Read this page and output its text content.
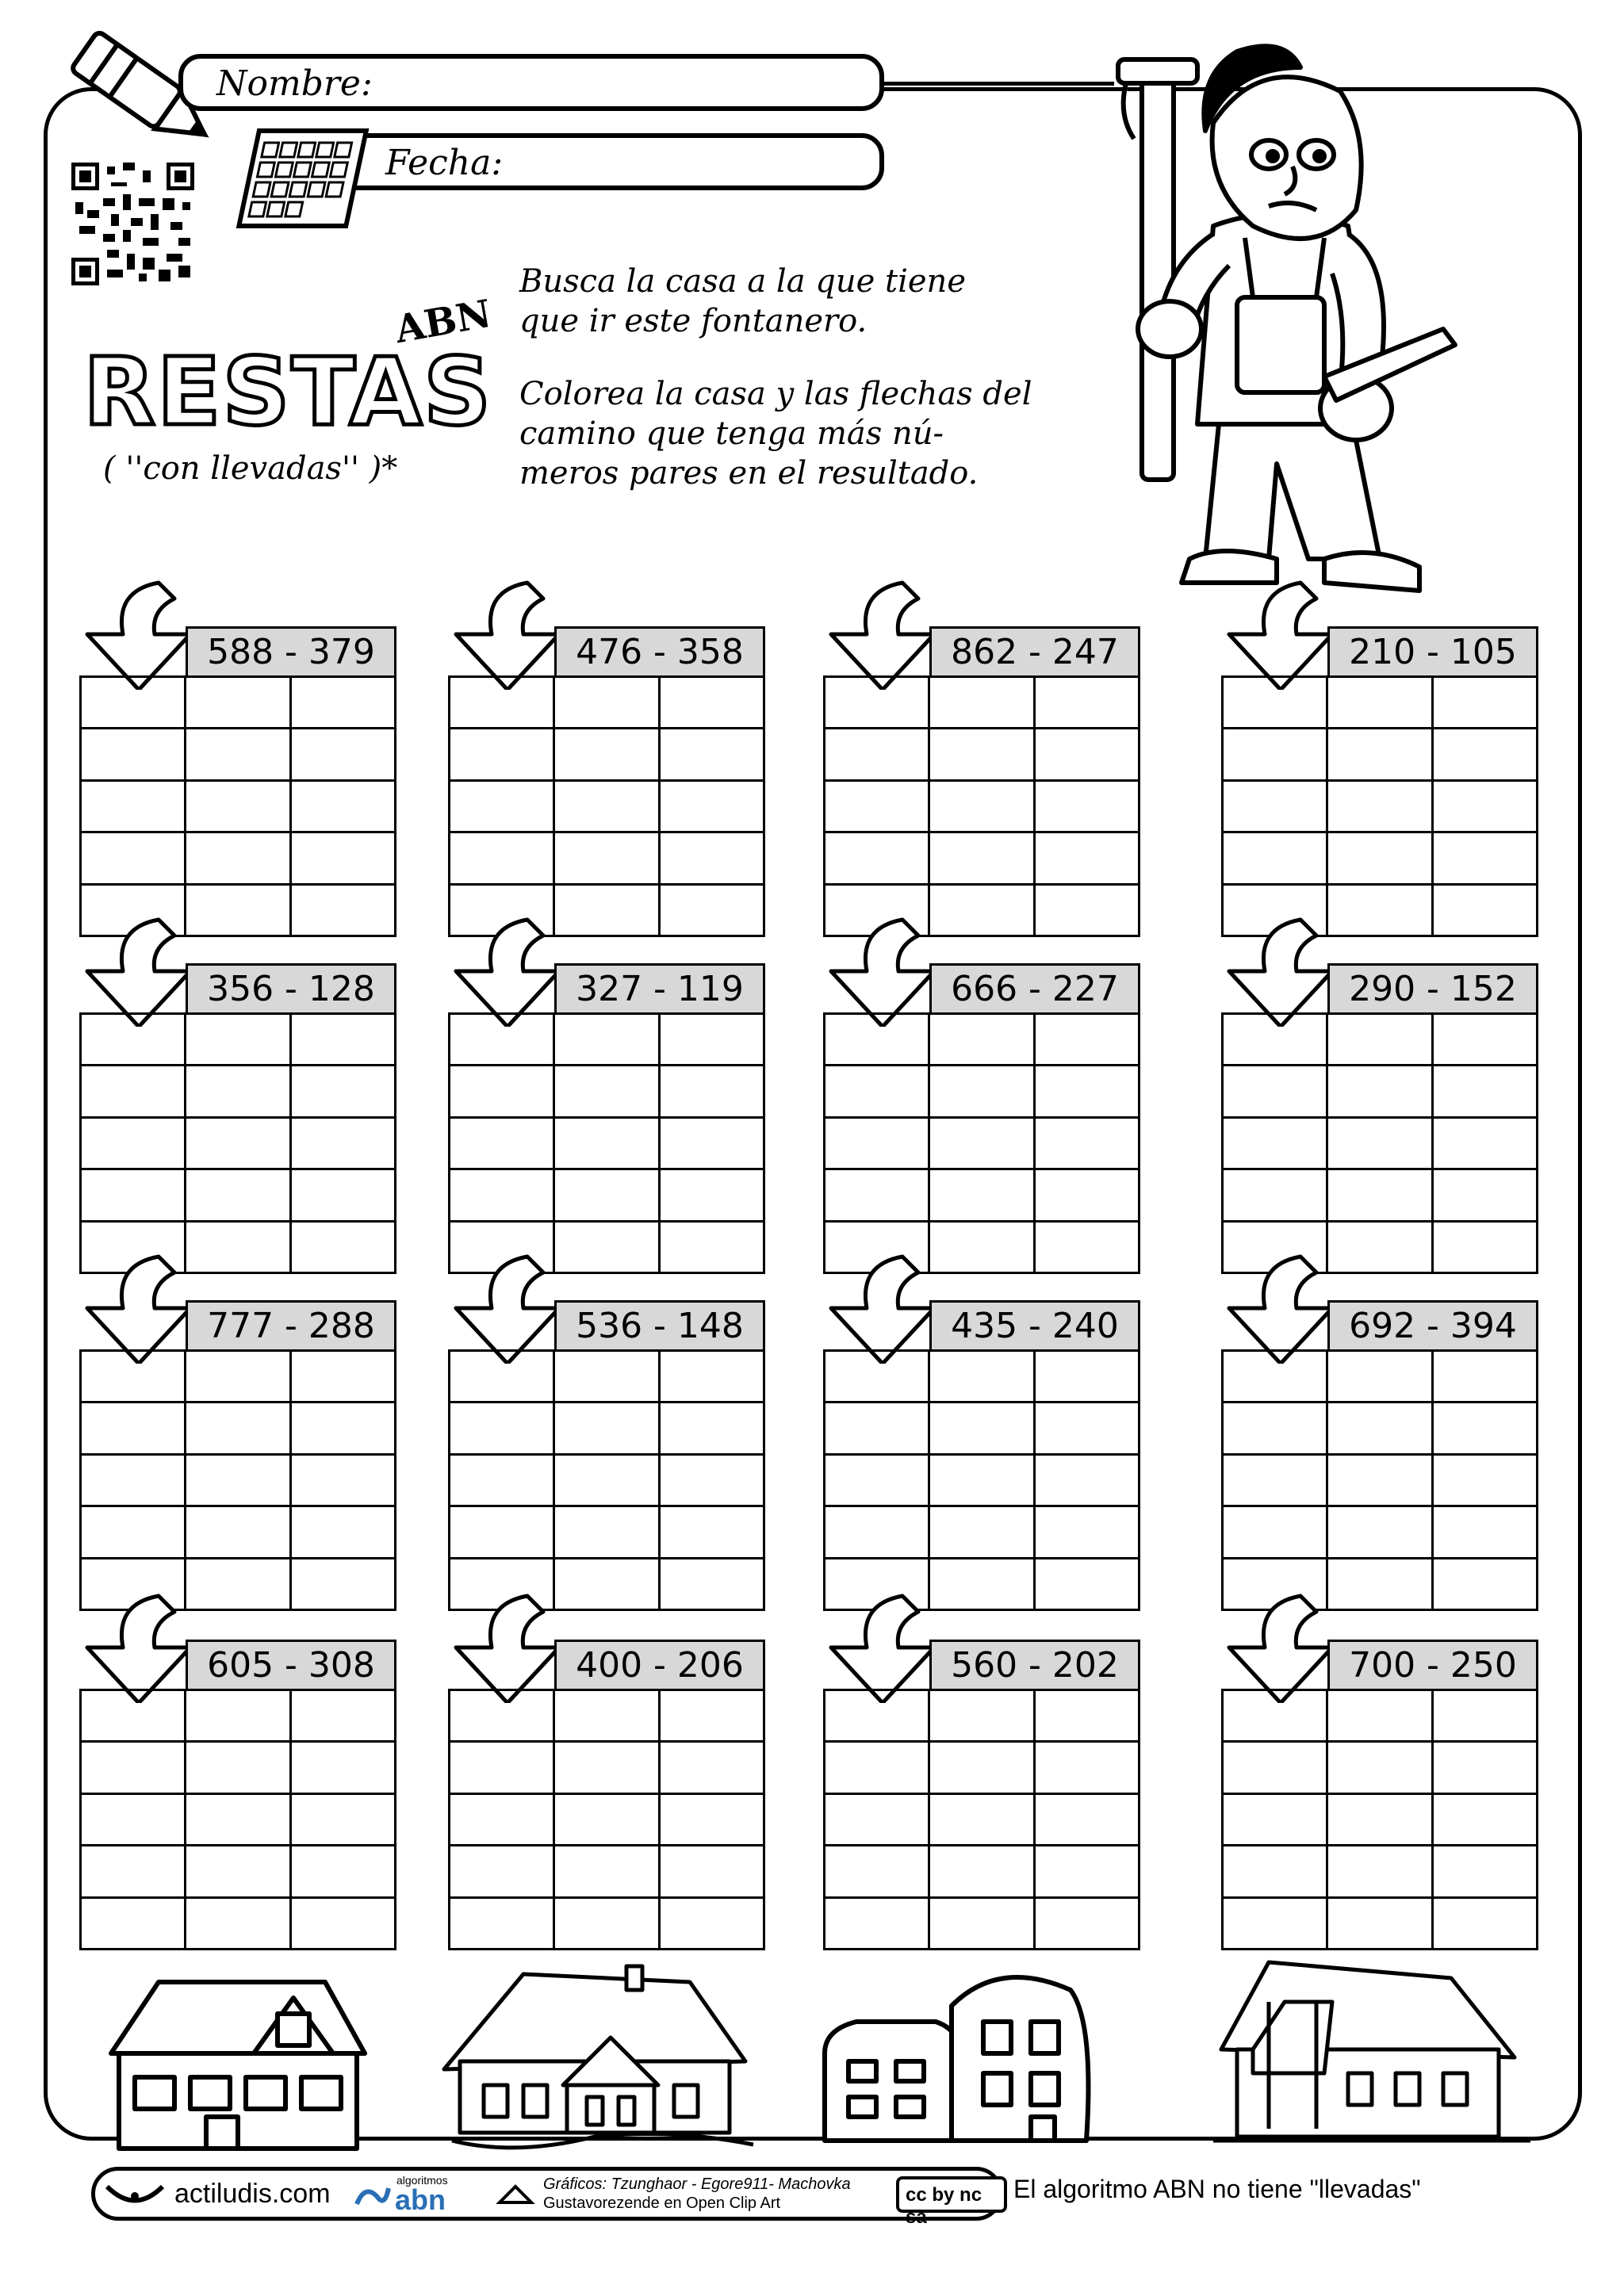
Nombre:
Fecha:
ABN
RESTAS
( ''con llevadas'' )*
Busca la casa a la que tiene
que ir este fontanero.
Colorea la casa y las flechas del
camino que tenga más nú-
meros pares en el resultado.
588 - 379

			476 - 358

			862 - 247

			210 - 105

356 - 128

			327 - 119

			666 - 227

			290 - 152

777 - 288

			536 - 148

			435 - 240

			692 - 394

605 - 308

			400 - 206

			560 - 202

			700 - 250

actiludis.com	algoritmos
abn	Gráficos: Tzunghaor - Egore911- Machovka
Gustavorezende en Open Clip Art	cc by nc sa
El algoritmo ABN no tiene "llevadas"
